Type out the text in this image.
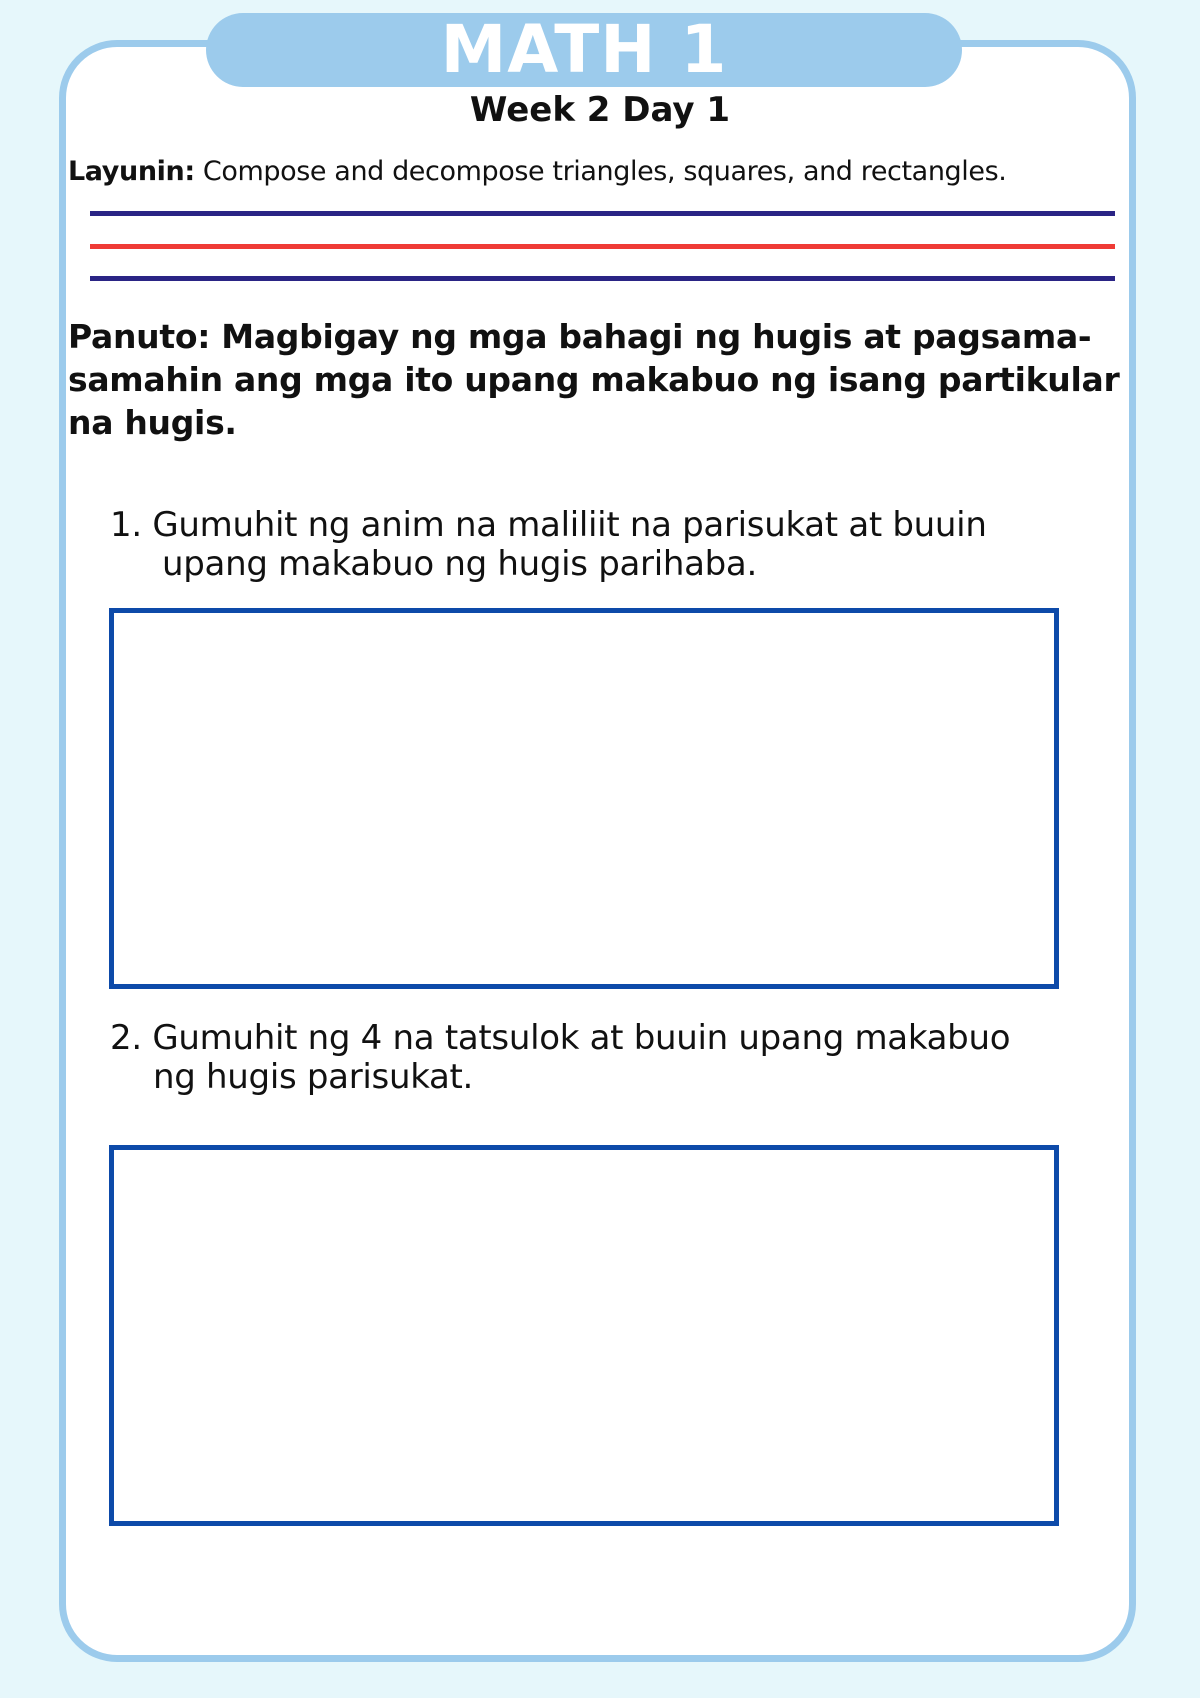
MATH 1
Week 2 Day 1
Layunin: Compose and decompose triangles, squares, and rectangles.
Panuto: Magbigay ng mga bahagi ng hugis at pagsama-samahin ang mga ito upang makabuo ng isang partikular na hugis.
1. Gumuhit ng anim na maliliit na parisukat at buuin
upang makabuo ng hugis parihaba.
2. Gumuhit ng 4 na tatsulok at buuin upang makabuo
ng hugis parisukat.
